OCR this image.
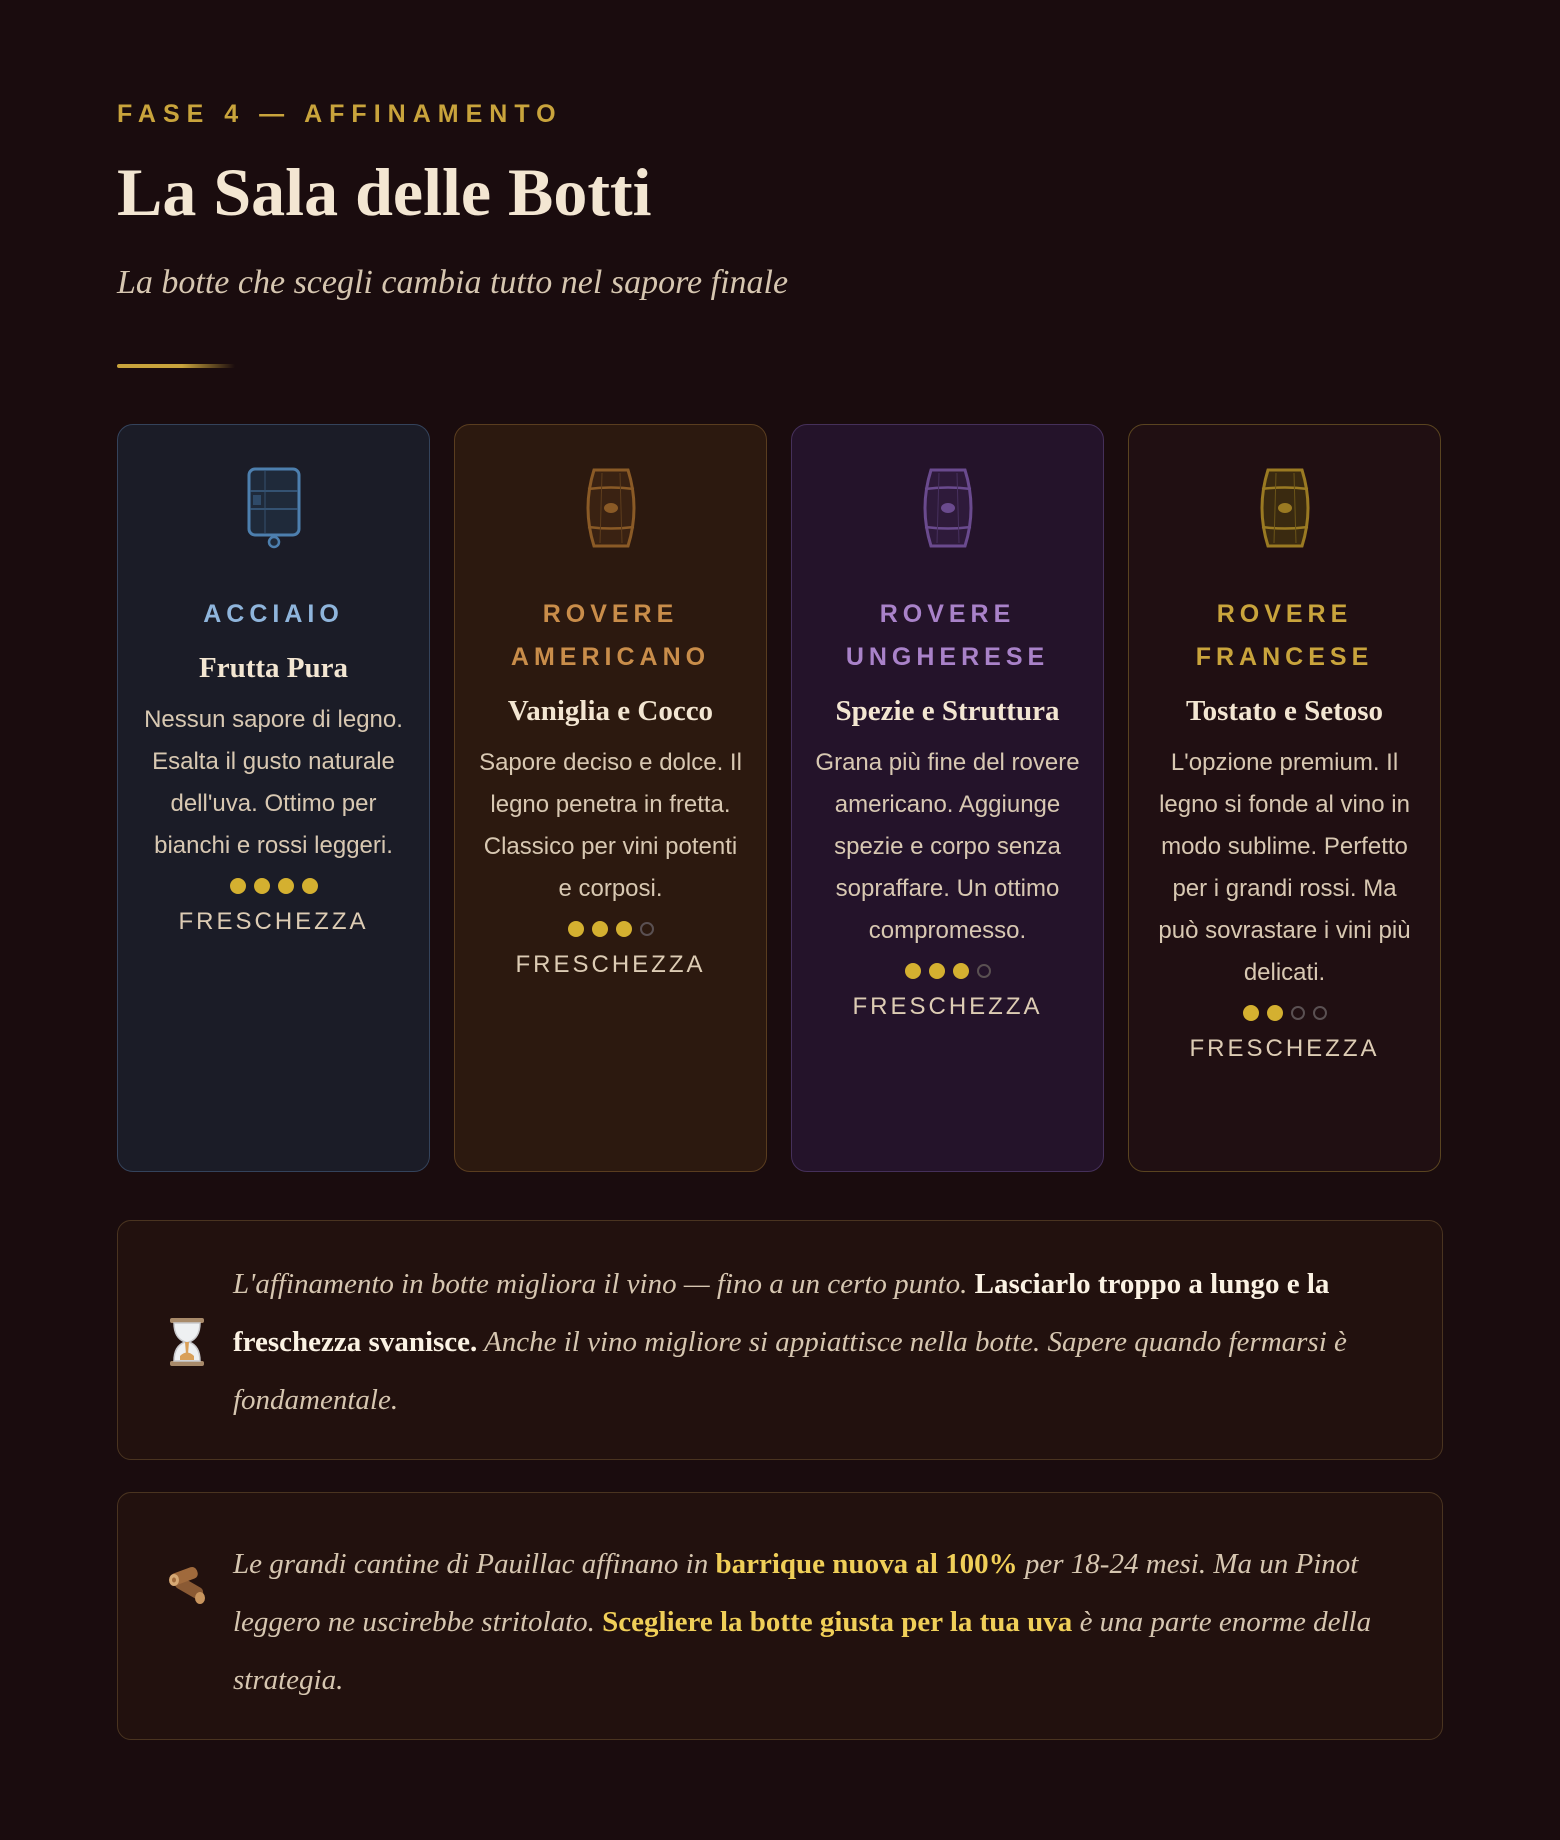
FASE 4 — AFFINAMENTO
La Sala delle Botti
La botte che scegli cambia tutto nel sapore finale
ACCIAIO
Frutta Pura
Nessun sapore di legno. Esalta il gusto naturale dell'uva. Ottimo per bianchi e rossi leggeri.
FRESCHEZZA
ROVERE AMERICANO
Vaniglia e Cocco
Sapore deciso e dolce. Il legno penetra in fretta. Classico per vini potenti e corposi.
FRESCHEZZA
ROVERE UNGHERESE
Spezie e Struttura
Grana più fine del rovere americano. Aggiunge spezie e corpo senza sopraffare. Un ottimo compromesso.
FRESCHEZZA
ROVERE FRANCESE
Tostato e Setoso
L'opzione premium. Il legno si fonde al vino in modo sublime. Perfetto per i grandi rossi. Ma può sovrastare i vini più delicati.
FRESCHEZZA

L'affinamento in botte migliora il vino — fino a un certo punto. Lasciarlo troppo a lungo e la freschezza svanisce. Anche il vino migliore si appiattisce nella botte. Sapere quando fermarsi è fondamentale.

Le grandi cantine di Pauillac affinano in barrique nuova al 100% per 18-24 mesi. Ma un Pinot leggero ne uscirebbe stritolato. Scegliere la botte giusta per la tua uva è una parte enorme della strategia.
